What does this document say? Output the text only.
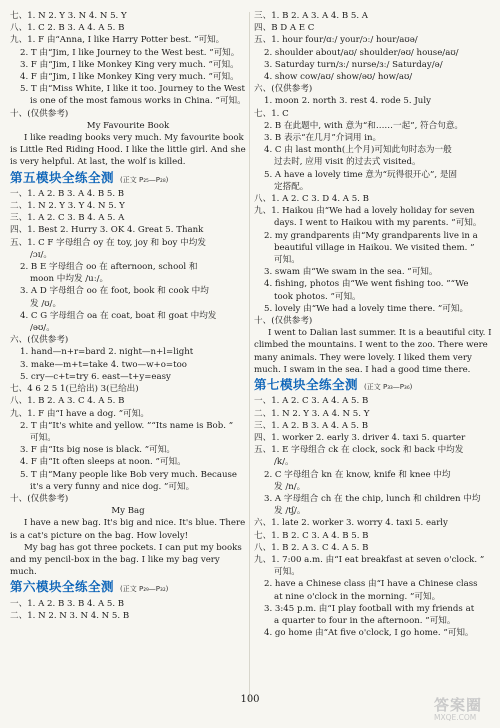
七、1. N 2. Y 3. N 4. N 5. Y
八、1. C 2. B 3. A 4. A 5. B
九、1. F 由“Anna, I like Harry Potter best. ”可知。
2. T 由“Jim, I like Journey to the West best. ”可知。
3. F 由“Jim, I like Monkey King very much. ”可知。
4. F 由“Jim, I like Monkey King very much. ”可知。
5. T 由“Miss White, I like it too. Journey to the West
is one of the most famous works in China. ”可知。
十、(仅供参考)
My Favourite Book
I like reading books very much. My favourite book is Little Red Riding Hood. I like the little girl. And she is very helpful. At last, the wolf is killed.
第五模块全练全测 (正文 P₂₅—P₂₈)
一、1. A 2. B 3. A 4. B 5. B
二、1. N 2. Y 3. Y 4. N 5. Y
三、1. A 2. C 3. B 4. A 5. A
四、1. Best 2. Hurry 3. OK 4. Great 5. Thank
五、1. C F 字母组合 oy 在 toy, joy 和 boy 中均发
/ɔɪ/。
2. B E 字母组合 oo 在 afternoon, school 和
moon 中均发 /uː/。
3. A D 字母组合 oo 在 foot, book 和 cook 中均
发 /ʊ/。
4. C G 字母组合 oa 在 coat, boat 和 goat 中均发
/əʊ/。
六、(仅供参考)
1. hand—n+r=bard 2. night—n+l=light
3. make—m+t=take 4. two—w+o=too
5. cry—c+t=try 6. east—t+y=easy
七、4 6 2 5 1(已给出) 3(已给出)
八、1. B 2. A 3. C 4. A 5. B
九、1. F 由“I have a dog. ”可知。
2. T 由“It's white and yellow. ”“Its name is Bob. ”
可知。
3. F 由“Its big nose is black. ”可知。
4. F 由“It often sleeps at noon. ”可知。
5. T 由“Many people like Bob very much. Because
it's a very funny and nice dog. ”可知。
十、(仅供参考)
My Bag
I have a new bag. It's big and nice. It's blue. There is a cat's picture on the bag. How lovely!
My bag has got three pockets. I can put my books and my pencil-box in the bag. I like my bag very much.
第六模块全练全测 (正文 P₂₉—P₃₂)
一、1. A 2. B 3. B 4. A 5. B
二、1. N 2. N 3. N 4. N 5. B
三、1. B 2. A 3. A 4. B 5. A
四、B D A E C
五、1. hour four/ɑː/ your/ɔː/ hour/aʊə/
2. shoulder about/aʊ/ shoulder/əʊ/ house/aʊ/
3. Saturday turn/ɜː/ nurse/ɜː/ Saturday/ə/
4. show cow/aʊ/ show/əʊ/ how/aʊ/
六、(仅供参考)
1. moon 2. north 3. rest 4. rode 5. July
七、1. C
2. B 在此题中, with 意为“和……一起”, 符合句意。
3. B 表示“在几月”介词用 in。
4. C 由 last month(上个月)可知此句时态为一般
过去时, 应用 visit 的过去式 visited。
5. A have a lovely time 意为“玩得很开心”, 是固
定搭配。
八、1. A 2. C 3. D 4. A 5. B
九、1. Haikou 由“We had a lovely holiday for seven
days. I went to Haikou with my parents. ”可知。
2. my grandparents 由“My grandparents live in a
beautiful village in Haikou. We visited them. ”
可知。
3. swam 由“We swam in the sea. ”可知。
4. fishing, photos 由“We went fishing too. ”“We
took photos. ”可知。
5. lovely 由“We had a lovely time there. ”可知。
十、(仅供参考)
I went to Dalian last summer. It is a beautiful city. I climbed the mountains. I went to the zoo. There were many animals. They were lovely. I liked them very much. I swam in the sea. I had a good time there.
第七模块全练全测 (正文 P₃₃—P₃₆)
一、1. A 2. C 3. A 4. A 5. B
二、1. N 2. Y 3. A 4. N 5. Y
三、1. A 2. B 3. A 4. A 5. B
四、1. worker 2. early 3. driver 4. taxi 5. quarter
五、1. E 字母组合 ck 在 clock, sock 和 back 中均发
/k/。
2. C 字母组合 kn 在 know, knife 和 knee 中均
发 /n/。
3. A 字母组合 ch 在 the chip, lunch 和 children 中均
发 /tʃ/。
六、1. late 2. worker 3. worry 4. taxi 5. early
七、1. B 2. C 3. A 4. B 5. B
八、1. B 2. A 3. C 4. A 5. B
九、1. 7:00 a.m. 由“I eat breakfast at seven o'clock. ”
可知。
2. have a Chinese class 由“I have a Chinese class
at nine o'clock in the morning. ”可知。
3. 3:45 p.m. 由“I play football with my friends at
a quarter to four in the afternoon. ”可知。
4. go home 由“At five o'clock, I go home. ”可知。
100	答案圈
MXQE.COM
